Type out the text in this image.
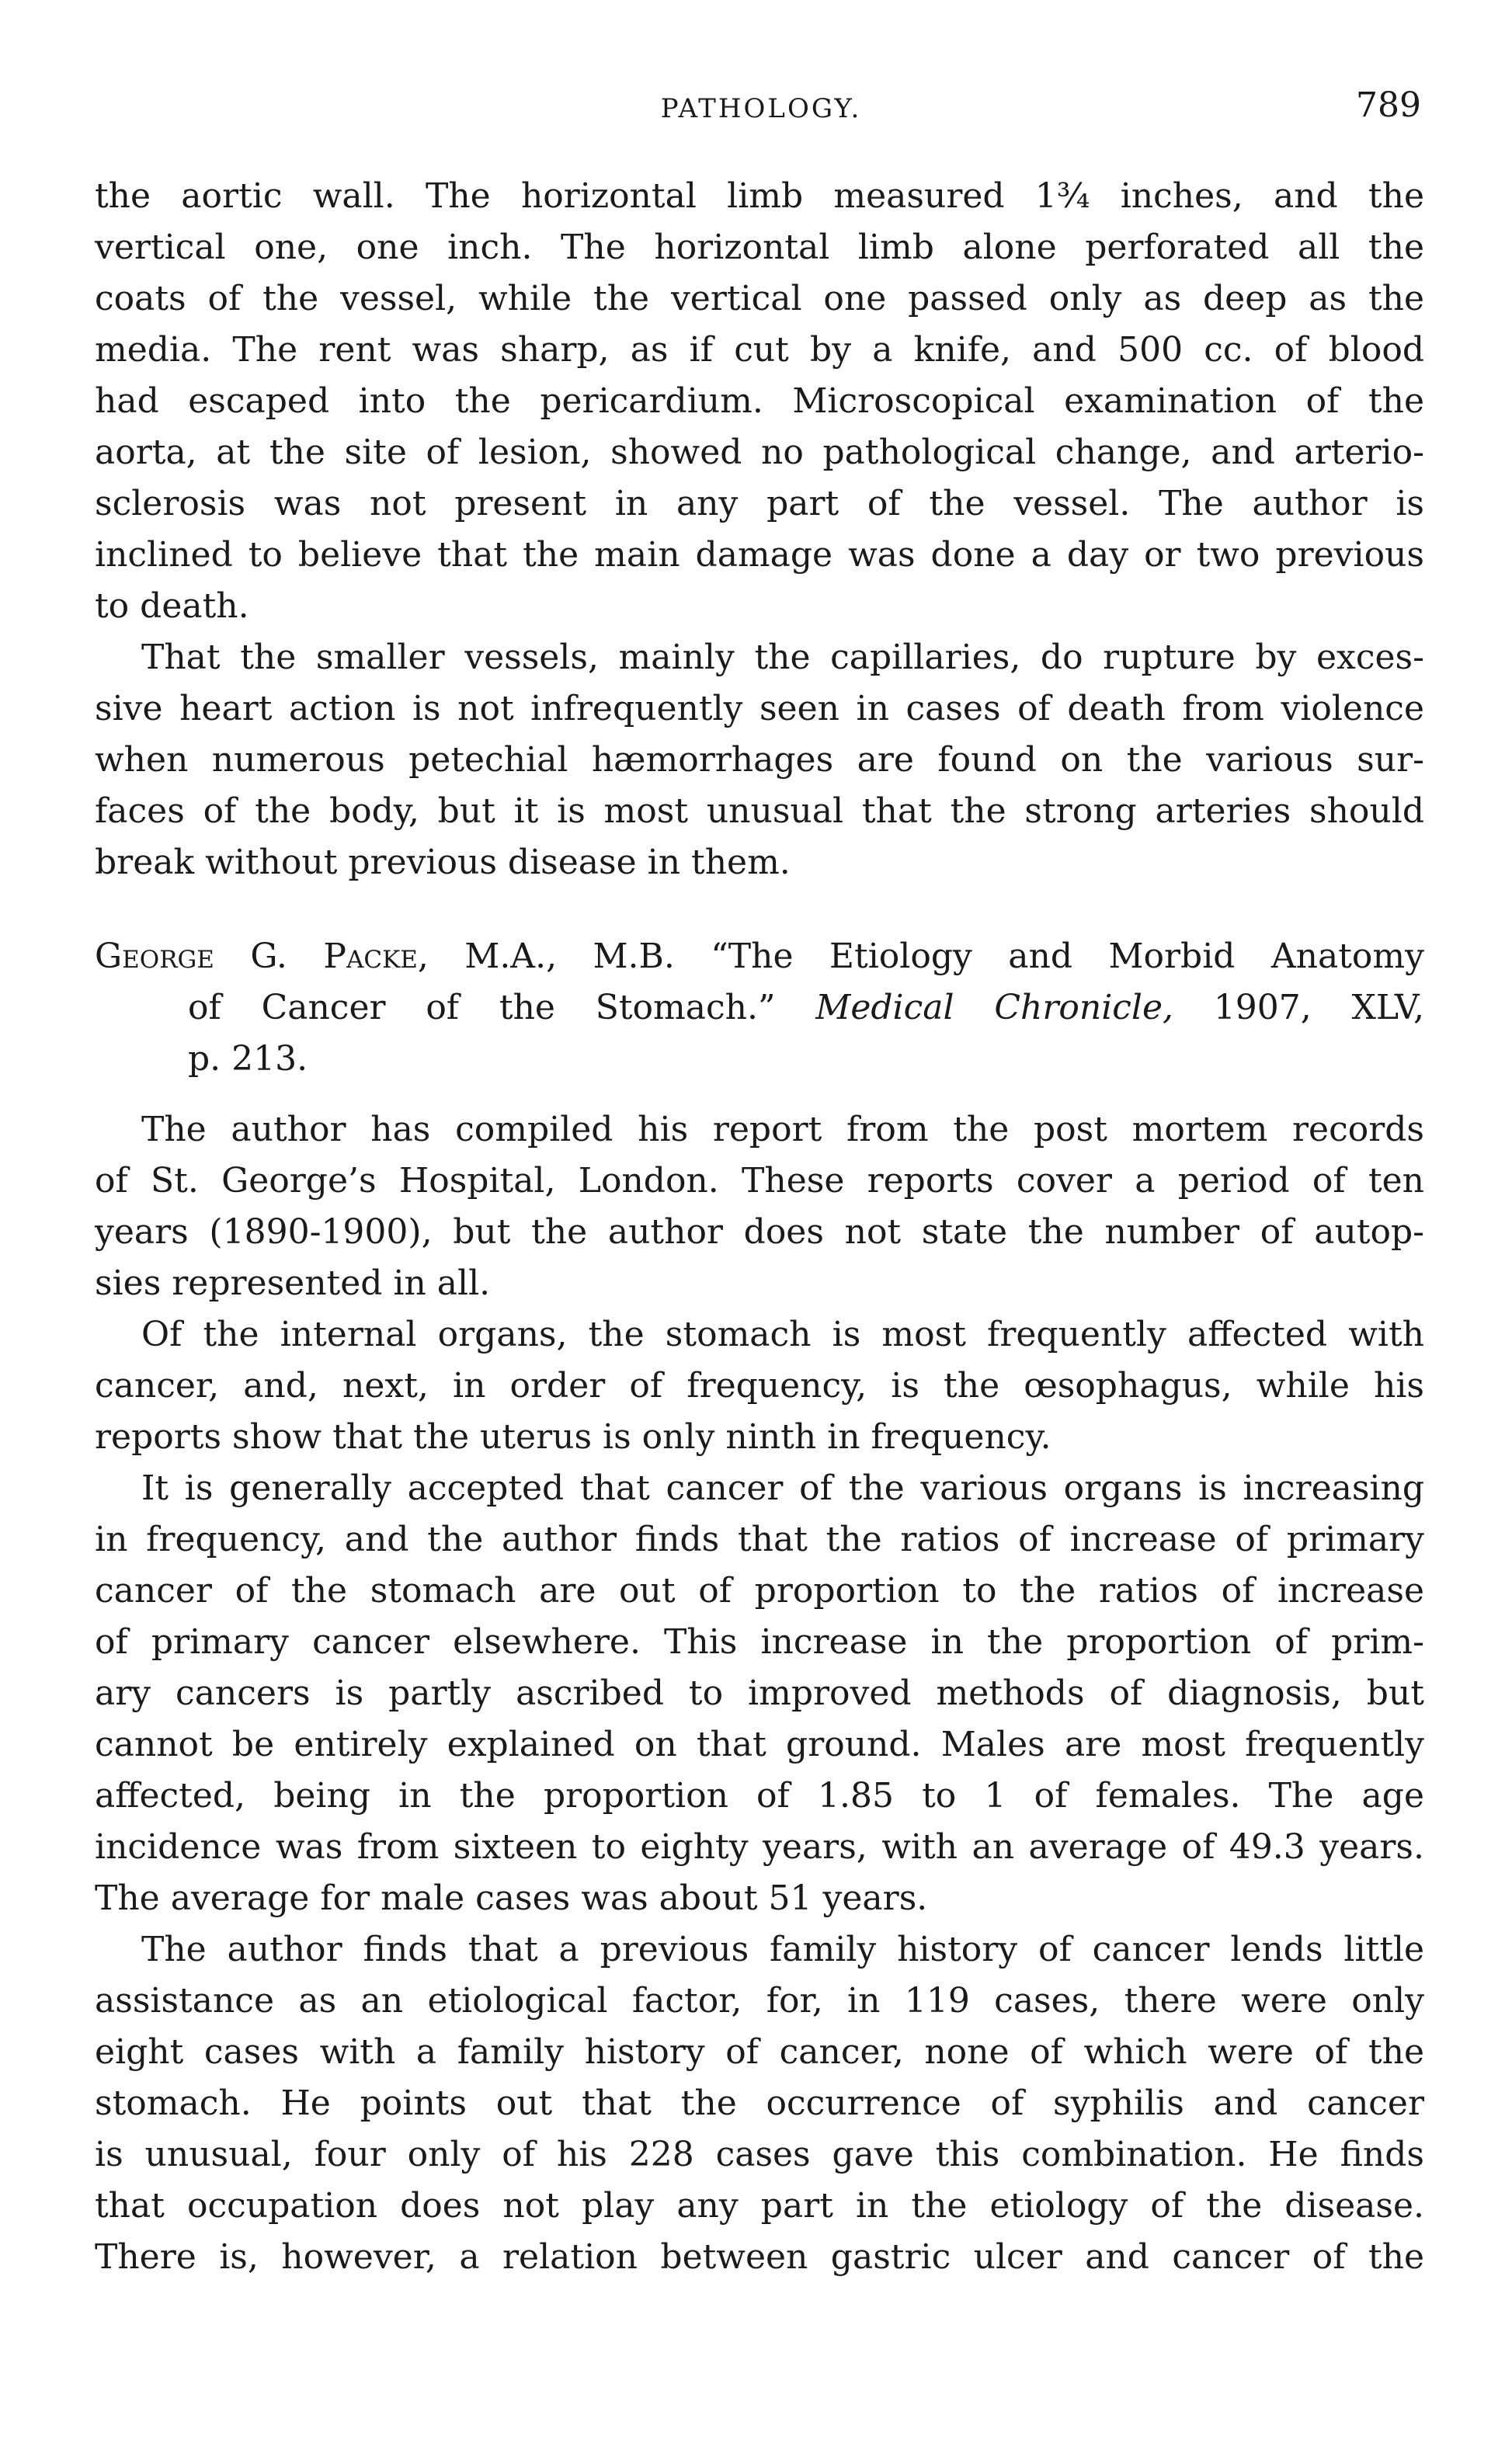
PATHOLOGY.	789
the aortic wall. The horizontal limb measured 1¾ inches, and the
vertical one, one inch. The horizontal limb alone perforated all the
coats of the vessel, while the vertical one passed only as deep as the
media. The rent was sharp, as if cut by a knife, and 500 cc. of blood
had escaped into the pericardium. Microscopical examination of the
aorta, at the site of lesion, showed no pathological change, and arterio-
sclerosis was not present in any part of the vessel. The author is
inclined to believe that the main damage was done a day or two previous
to death.
That the smaller vessels, mainly the capillaries, do rupture by exces-
sive heart action is not infrequently seen in cases of death from violence
when numerous petechial hæmorrhages are found on the various sur-
faces of the body, but it is most unusual that the strong arteries should
break without previous disease in them.
George G. Packe, M.A., M.B. “The Etiology and Morbid Anatomy
of Cancer of the Stomach.” Medical Chronicle, 1907, XLV,
p. 213.
The author has compiled his report from the post mortem records
of St. George’s Hospital, London. These reports cover a period of ten
years (1890-1900), but the author does not state the number of autop-
sies represented in all.
Of the internal organs, the stomach is most frequently affected with
cancer, and, next, in order of frequency, is the œsophagus, while his
reports show that the uterus is only ninth in frequency.
It is generally accepted that cancer of the various organs is increasing
in frequency, and the author finds that the ratios of increase of primary
cancer of the stomach are out of proportion to the ratios of increase
of primary cancer elsewhere. This increase in the proportion of prim-
ary cancers is partly ascribed to improved methods of diagnosis, but
cannot be entirely explained on that ground. Males are most frequently
affected, being in the proportion of 1.85 to 1 of females. The age
incidence was from sixteen to eighty years, with an average of 49.3 years.
The average for male cases was about 51 years.
The author finds that a previous family history of cancer lends little
assistance as an etiological factor, for, in 119 cases, there were only
eight cases with a family history of cancer, none of which were of the
stomach. He points out that the occurrence of syphilis and cancer
is unusual, four only of his 228 cases gave this combination. He finds
that occupation does not play any part in the etiology of the disease.
There is, however, a relation between gastric ulcer and cancer of the
